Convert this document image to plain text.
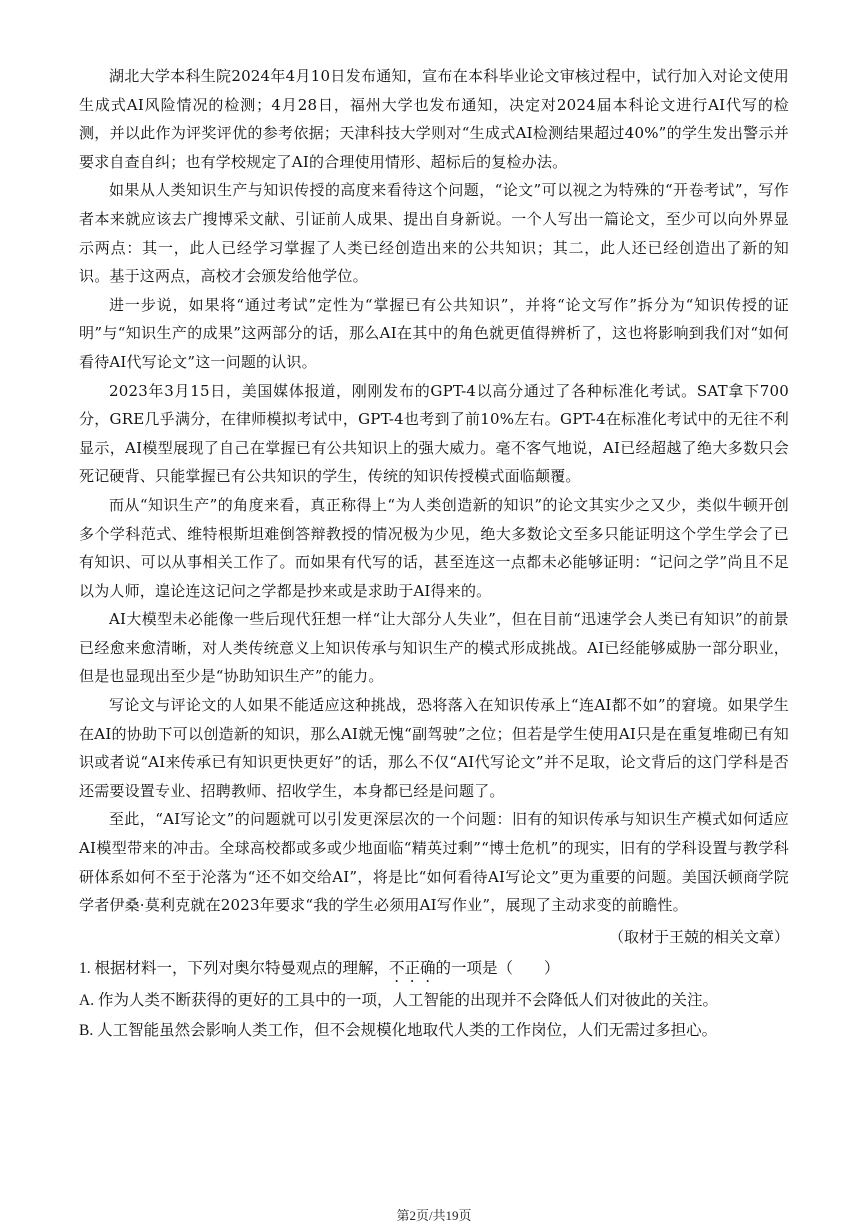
湖北大学本科生院2024年4月10日发布通知，宣布在本科毕业论文审核过程中，试行加入对论文使用生成式AI风险情况的检测；4月28日，福州大学也发布通知，决定对2024届本科论文进行AI代写的检测，并以此作为评奖评优的参考依据；天津科技大学则对“生成式AI检测结果超过40%”的学生发出警示并要求自查自纠；也有学校规定了AI的合理使用情形、超标后的复检办法。

如果从人类知识生产与知识传授的高度来看待这个问题，“论文”可以视之为特殊的“开卷考试”，写作者本来就应该去广搜博采文献、引证前人成果、提出自身新说。一个人写出一篇论文，至少可以向外界显示两点：其一，此人已经学习掌握了人类已经创造出来的公共知识；其二，此人还已经创造出了新的知识。基于这两点，高校才会颁发给他学位。

进一步说，如果将“通过考试”定性为“掌握已有公共知识”，并将“论文写作”拆分为“知识传授的证明”与“知识生产的成果”这两部分的话，那么AI在其中的角色就更值得辨析了，这也将影响到我们对“如何看待AI代写论文”这一问题的认识。

2023年3月15日，美国媒体报道，刚刚发布的GPT-4以高分通过了各种标准化考试。SAT拿下700分，GRE几乎满分，在律师模拟考试中，GPT-4也考到了前10%左右。GPT-4在标准化考试中的无往不利显示，AI模型展现了自己在掌握已有公共知识上的强大威力。毫不客气地说，AI已经超越了绝大多数只会死记硬背、只能掌握已有公共知识的学生，传统的知识传授模式面临颠覆。

而从“知识生产”的角度来看，真正称得上“为人类创造新的知识”的论文其实少之又少，类似牛顿开创多个学科范式、维特根斯坦难倒答辩教授的情况极为少见，绝大多数论文至多只能证明这个学生学会了已有知识、可以从事相关工作了。而如果有代写的话，甚至连这一点都未必能够证明：“记问之学”尚且不足以为人师，遑论连这记问之学都是抄来或是求助于AI得来的。

AI大模型未必能像一些后现代狂想一样“让大部分人失业”，但在目前“迅速学会人类已有知识”的前景已经愈来愈清晰，对人类传统意义上知识传承与知识生产的模式形成挑战。AI已经能够威胁一部分职业，但是也显现出至少是“协助知识生产”的能力。

写论文与评论文的人如果不能适应这种挑战，恐将落入在知识传承上“连AI都不如”的窘境。如果学生在AI的协助下可以创造新的知识，那么AI就无愧“副驾驶”之位；但若是学生使用AI只是在重复堆砌已有知识或者说“AI来传承已有知识更快更好”的话，那么不仅“AI代写论文”并不足取，论文背后的这门学科是否还需要设置专业、招聘教师、招收学生，本身都已经是问题了。

至此，“AI写论文”的问题就可以引发更深层次的一个问题：旧有的知识传承与知识生产模式如何适应AI模型带来的冲击。全球高校都或多或少地面临“精英过剩”“博士危机”的现实，旧有的学科设置与教学科研体系如何不至于沦落为“还不如交给AI”，将是比“如何看待AI写论文”更为重要的问题。美国沃顿商学院学者伊桑·莫利克就在2023年要求“我的学生必须用AI写作业”，展现了主动求变的前瞻性。

（取材于王兢的相关文章）

1. 根据材料一，下列对奥尔特曼观点的理解，不正确的一项是（　　）

A. 作为人类不断获得的更好的工具中的一项，人工智能的出现并不会降低人们对彼此的关注。

B. 人工智能虽然会影响人类工作，但不会规模化地取代人类的工作岗位，人们无需过多担心。

第2页/共19页
